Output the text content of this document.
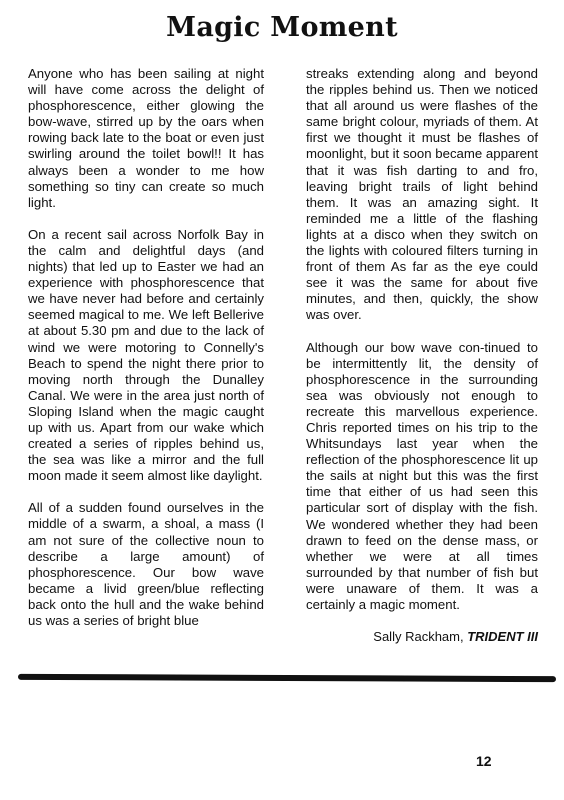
Magic Moment

Anyone who has been sailing at night will have come across the delight of phosphorescence, either glowing the bow-wave, stirred up by the oars when rowing back late to the boat or even just swirling around the toilet bowl!! It has always been a wonder to me how something so tiny can create so much light.

On a recent sail across Norfolk Bay in the calm and delightful days (and nights) that led up to Easter we had an experience with phosphorescence that we have never had before and certainly seemed magical to me. We left Bellerive at about 5.30 pm and due to the lack of wind we were motoring to Connelly's Beach to spend the night there prior to moving north through the Dunalley Canal. We were in the area just north of Sloping Island when the magic caught up with us. Apart from our wake which created a series of ripples behind us, the sea was like a mirror and the full moon made it seem almost like daylight.

All of a sudden found ourselves in the middle of a swarm, a shoal, a mass (I am not sure of the collective noun to describe a large amount) of phosphorescence. Our bow wave became a livid green/blue reflecting back onto the hull and the wake behind us was a series of bright blue

streaks extending along and beyond the ripples behind us. Then we noticed that all around us were flashes of the same bright colour, myriads of them. At first we thought it must be flashes of moonlight, but it soon became apparent that it was fish darting to and fro, leaving bright trails of light behind them. It was an amazing sight. It reminded me a little of the flashing lights at a disco when they switch on the lights with coloured filters turning in front of them As far as the eye could see it was the same for about five minutes, and then, quickly, the show was over.

Although our bow wave con-tinued to be intermittently lit, the density of phosphorescence in the surrounding sea was obviously not enough to recreate this marvellous experience. Chris reported times on his trip to the Whitsundays last year when the reflection of the phosphorescence lit up the sails at night but this was the first time that either of us had seen this particular sort of display with the fish. We wondered whether they had been drawn to feed on the dense mass, or whether we were at all times surrounded by that number of fish but were unaware of them. It was a certainly a magic moment.

Sally Rackham, TRIDENT III
12
